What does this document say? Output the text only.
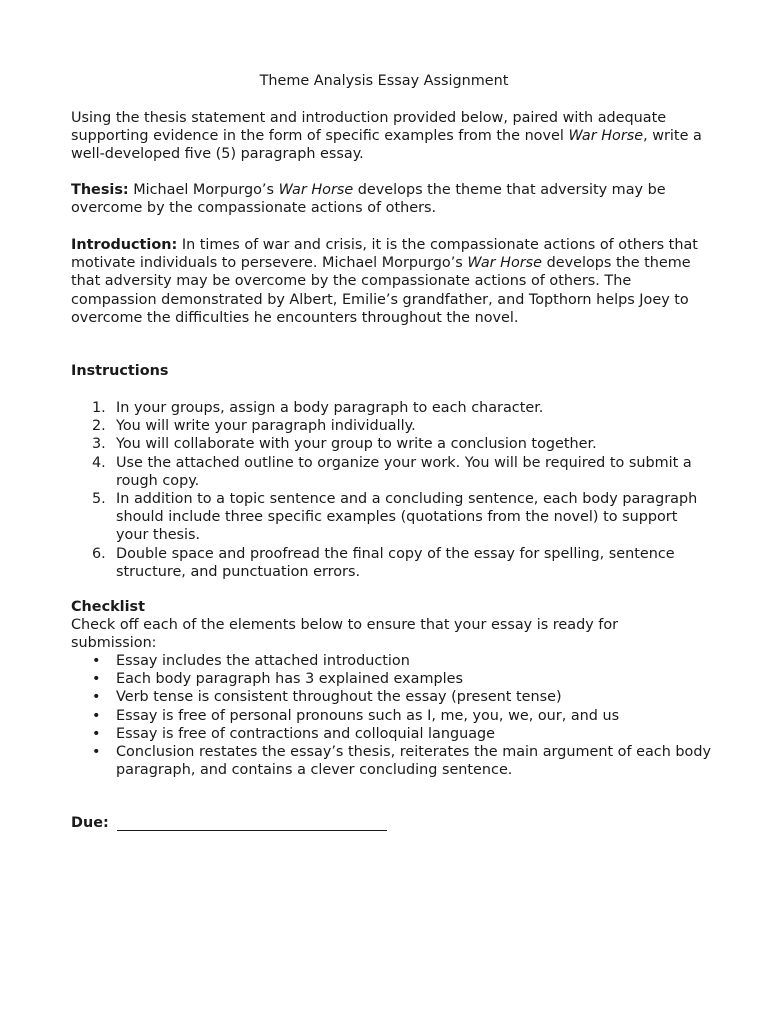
Theme Analysis Essay Assignment

Using the thesis statement and introduction provided below, paired with adequate supporting evidence in the form of specific examples from the novel War Horse, write a well-developed five (5) paragraph essay.

Thesis: Michael Morpurgo’s War Horse develops the theme that adversity may be overcome by the compassionate actions of others.

Introduction: In times of war and crisis, it is the compassionate actions of others that motivate individuals to persevere. Michael Morpurgo’s War Horse develops the theme that adversity may be overcome by the compassionate actions of others. The compassion demonstrated by Albert, Emilie’s grandfather, and Topthorn helps Joey to overcome the difficulties he encounters throughout the novel.

Instructions

1. In your groups, assign a body paragraph to each character.
2. You will write your paragraph individually.
3. You will collaborate with your group to write a conclusion together.
4. Use the attached outline to organize your work. You will be required to submit a rough copy.
5. In addition to a topic sentence and a concluding sentence, each body paragraph should include three specific examples (quotations from the novel) to support your thesis.
6. Double space and proofread the final copy of the essay for spelling, sentence structure, and punctuation errors.

Checklist

Check off each of the elements below to ensure that your essay is ready for submission:

• Essay includes the attached introduction
• Each body paragraph has 3 explained examples
• Verb tense is consistent throughout the essay (present tense)
• Essay is free of personal pronouns such as I, me, you, we, our, and us
• Essay is free of contractions and colloquial language
• Conclusion restates the essay’s thesis, reiterates the main argument of each body paragraph, and contains a clever concluding sentence.
Due:
